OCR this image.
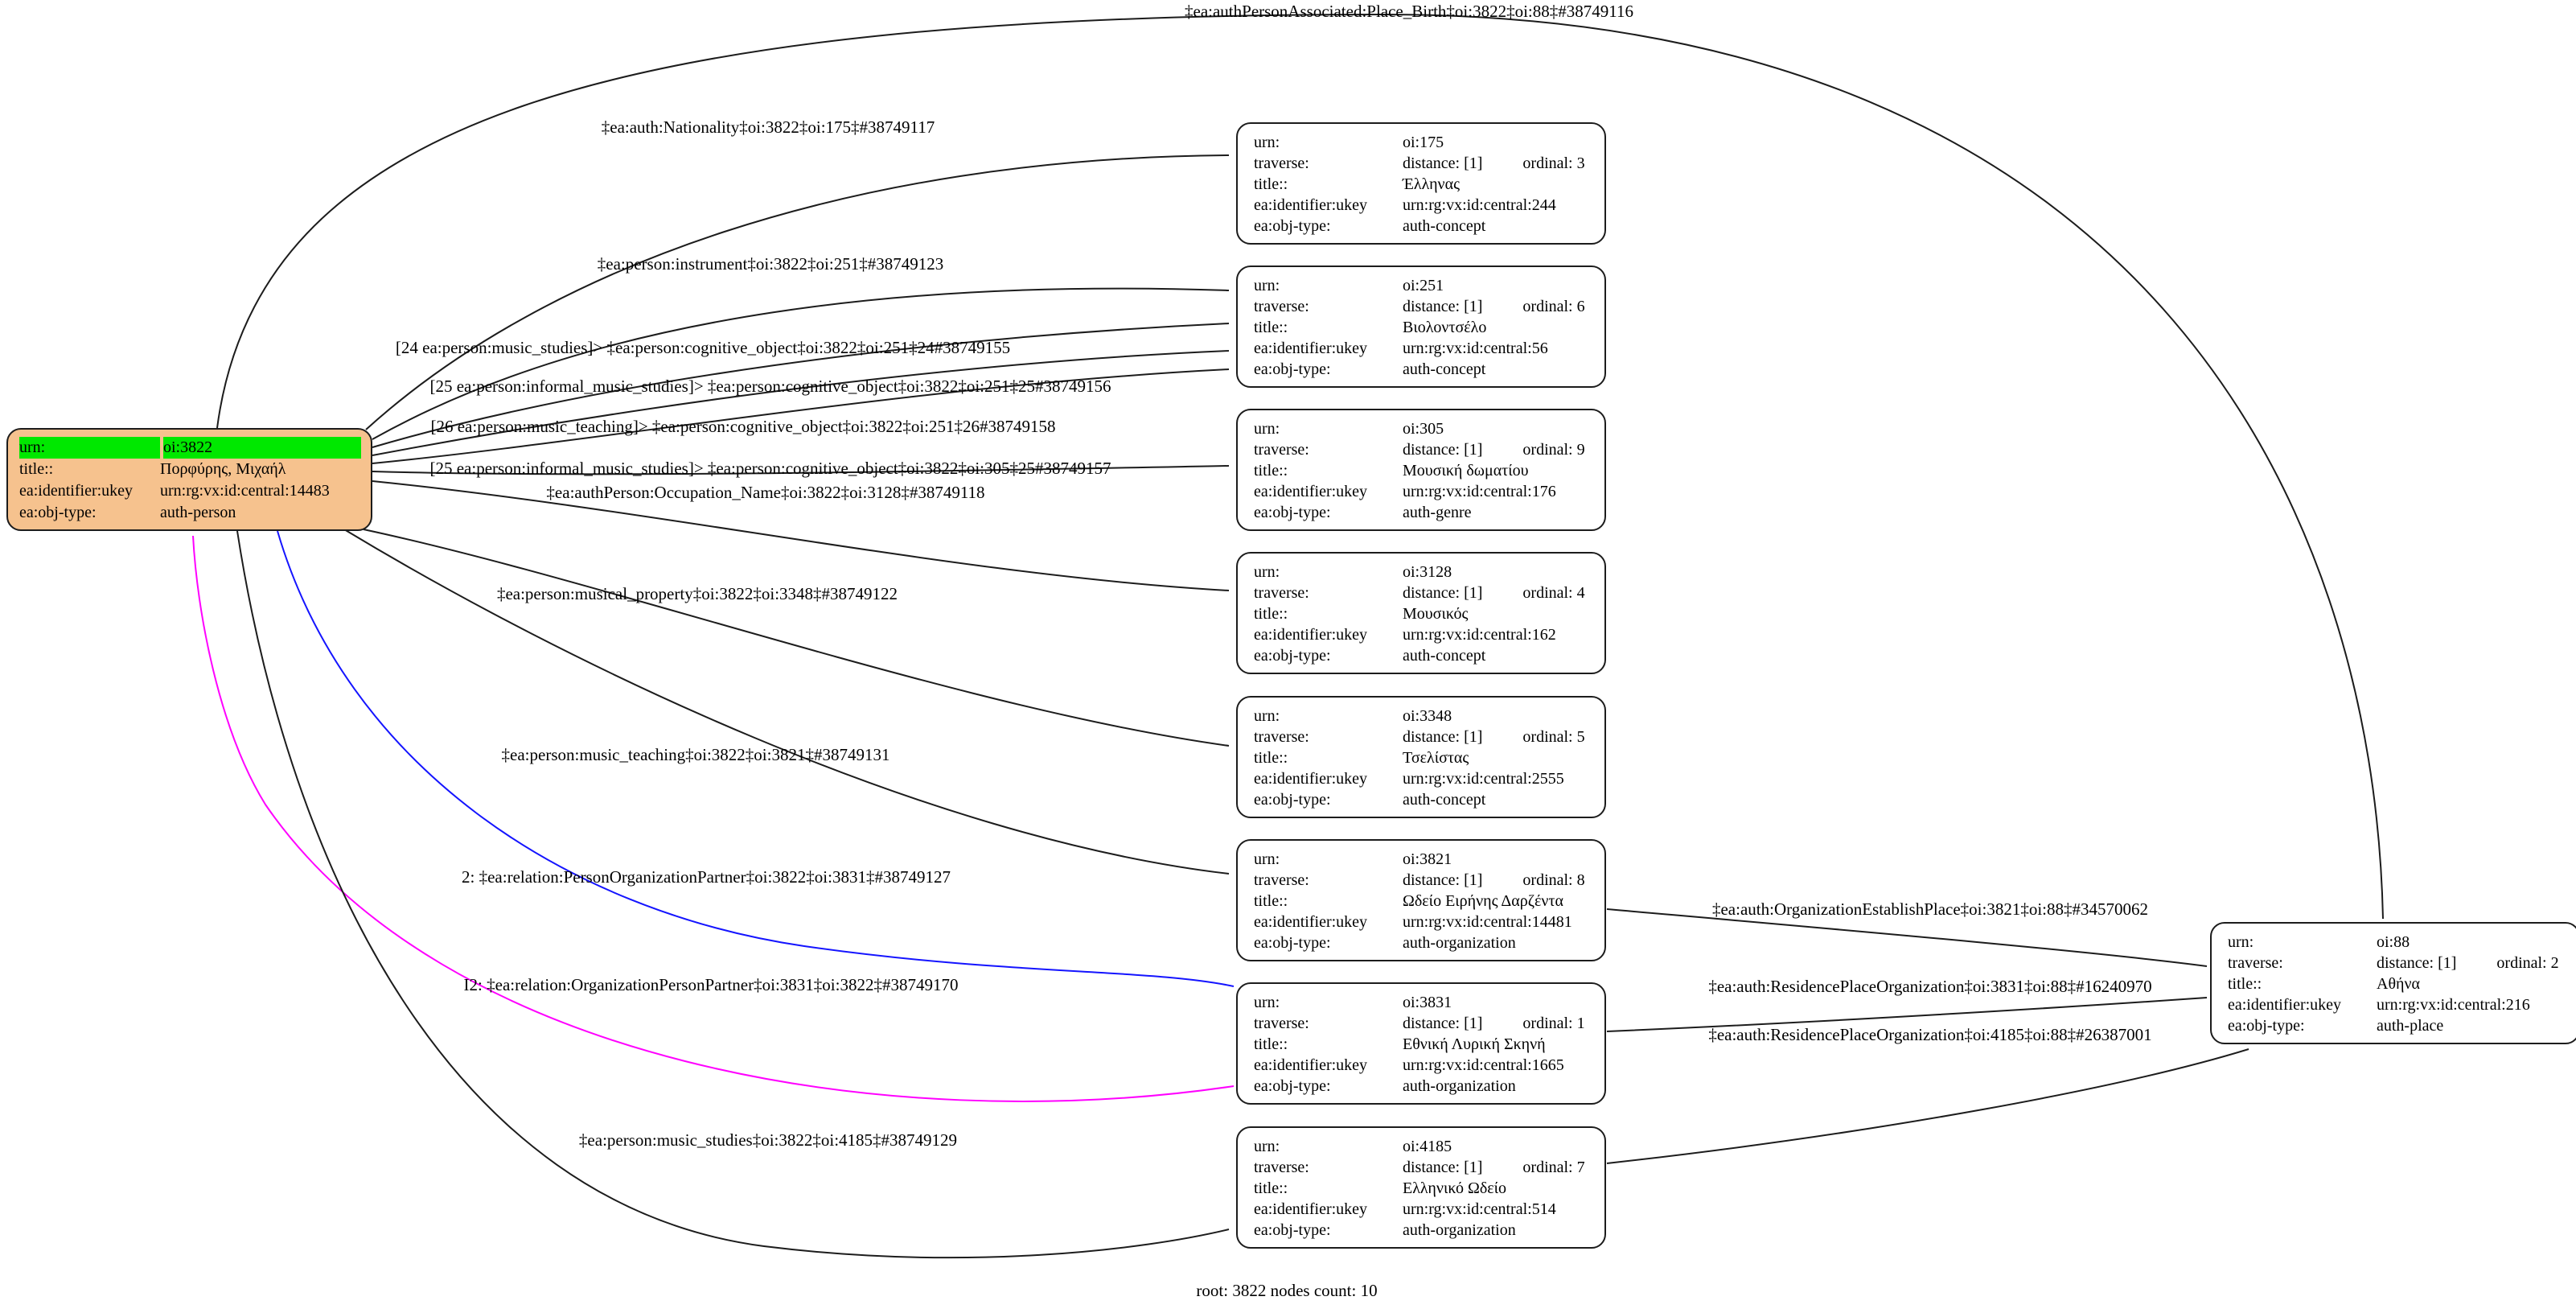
urn:	oi:3822
title::	Πορφύρης, Μιχαήλ
ea:identifier:ukey	urn:rg:vx:id:central:14483
ea:obj-type:	auth-person
urn:	oi:175
traverse:	distance: [1]	ordinal: 3
title::	Έλληνας
ea:identifier:ukey	urn:rg:vx:id:central:244
ea:obj-type:	auth-concept
urn:	oi:251
traverse:	distance: [1]	ordinal: 6
title::	Βιολοντσέλο
ea:identifier:ukey	urn:rg:vx:id:central:56
ea:obj-type:	auth-concept
urn:	oi:305
traverse:	distance: [1]	ordinal: 9
title::	Μουσική δωματίου
ea:identifier:ukey	urn:rg:vx:id:central:176
ea:obj-type:	auth-genre
urn:	oi:3128
traverse:	distance: [1]	ordinal: 4
title::	Μουσικός
ea:identifier:ukey	urn:rg:vx:id:central:162
ea:obj-type:	auth-concept
urn:	oi:3348
traverse:	distance: [1]	ordinal: 5
title::	Τσελίστας
ea:identifier:ukey	urn:rg:vx:id:central:2555
ea:obj-type:	auth-concept
urn:	oi:3821
traverse:	distance: [1]	ordinal: 8
title::	Ωδείο Ειρήνης Δαρζέντα
ea:identifier:ukey	urn:rg:vx:id:central:14481
ea:obj-type:	auth-organization
urn:	oi:3831
traverse:	distance: [1]	ordinal: 1
title::	Εθνική Λυρική Σκηνή
ea:identifier:ukey	urn:rg:vx:id:central:1665
ea:obj-type:	auth-organization
urn:	oi:4185
traverse:	distance: [1]	ordinal: 7
title::	Ελληνικό Ωδείο
ea:identifier:ukey	urn:rg:vx:id:central:514
ea:obj-type:	auth-organization
urn:	oi:88
traverse:	distance: [1]	ordinal: 2
title::	Αθήνα
ea:identifier:ukey	urn:rg:vx:id:central:216
ea:obj-type:	auth-place
‡ea:authPersonAssociated:Place_Birth‡oi:3822‡oi:88‡#38749116
‡ea:auth:Nationality‡oi:3822‡oi:175‡#38749117
‡ea:person:instrument‡oi:3822‡oi:251‡#38749123
[24 ea:person:music_studies]> ‡ea:person:cognitive_object‡oi:3822‡oi:251‡24#38749155
[25 ea:person:informal_music_studies]> ‡ea:person:cognitive_object‡oi:3822‡oi:251‡25#38749156
[26 ea:person:music_teaching]> ‡ea:person:cognitive_object‡oi:3822‡oi:251‡26#38749158
[25 ea:person:informal_music_studies]> ‡ea:person:cognitive_object‡oi:3822‡oi:305‡25#38749157
‡ea:authPerson:Occupation_Name‡oi:3822‡oi:3128‡#38749118
‡ea:person:musical_property‡oi:3822‡oi:3348‡#38749122
‡ea:person:music_teaching‡oi:3822‡oi:3821‡#38749131
2: ‡ea:relation:PersonOrganizationPartner‡oi:3822‡oi:3831‡#38749127
I2: ‡ea:relation:OrganizationPersonPartner‡oi:3831‡oi:3822‡#38749170
‡ea:person:music_studies‡oi:3822‡oi:4185‡#38749129
‡ea:auth:OrganizationEstablishPlace‡oi:3821‡oi:88‡#34570062
‡ea:auth:ResidencePlaceOrganization‡oi:3831‡oi:88‡#16240970
‡ea:auth:ResidencePlaceOrganization‡oi:4185‡oi:88‡#26387001
root: 3822 nodes count: 10
